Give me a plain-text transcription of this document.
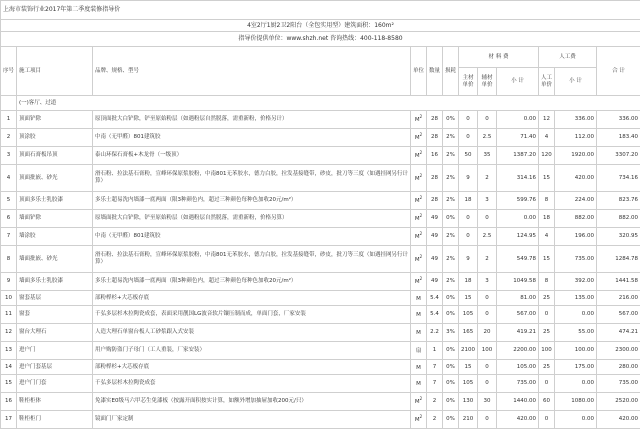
上海市装饰行业2017年第二季度装修指导价											
4室2厅1厨2卫2阳台（全包实用型）建筑面积：160m²											
指导价提供单位：www.shzh.net 咨询热线：400-118-8580											
序号	施工项目	品牌、规格、型号	单位	数量	损耗	材 料 费			人工费		合 计
						主材单价	辅材单价	小 计	人工单价	小 计	
	(一)客厅、过道										
1	顶面铲除	原顶面批大白铲除，铲至原始粉层（如遇粉层自然脱落，需重新粉，价格另计）	$M^2$	28	0%	0	0	0.00	12	336.00	336.00
2	顶涂胶	中南（无甲醛）801建筑胶	$M^2$	28	2%	0	2.5	71.40	4	112.00	183.40
3	顶面石膏板吊顶	泰山环保石膏板+木龙骨（一级顶）	$M^2$	16	2%	50	35	1387.20	120	1920.00	3307.20
4	顶面批嵌、砂光	滑石粉、拉法基石膏粉，宣峰环保原浆胶粉，中南801无苯胶水，德力白胶，拉发基接缝带，砂皮，批刀等三度（如遇挂网另行计算）	$M^2$	28	2%	9	2	314.16	15	420.00	734.16
5	顶面多乐士乳胶漆	多乐士超易洗内墙漆一底两面（限3种颜色内，超过三种颜色每种色加收20元/m²）	$M^2$	28	2%	18	3	599.76	8	224.00	823.76
6	墙面铲除	原墙面批大白铲除，铲至原始粉层（如遇粉层自然脱落，需重新粉，价格另算）	$M^2$	49	0%	0	0	0.00	18	882.00	882.00
7	墙涂胶	中南（无甲醛）801建筑胶	$M^2$	49	2%	0	2.5	124.95	4	196.00	320.95
8	墙面批嵌、砂光	滑石粉、拉法基石膏粉，宣峰环保原浆胶粉，中南801无苯胶水，德力白胶，拉发基接缝带，砂皮，批刀等三度（如遇挂网另行计算）	$M^2$	49	2%	9	2	549.78	15	735.00	1284.78
9	墙面多乐士乳胶漆	多乐士超易洗内墙漆一底两面（限3种颜色内，超过三种颜色每种色加收20元/m²）	$M^2$	49	2%	18	3	1049.58	8	392.00	1441.58
10	窗套基层	部粉榉杉+大芯板存底	M	5.4	0%	15	0	81.00	25	135.00	216.00
11	窗套	千弘多层杉木拉陶瓷成套，表面采用靓国LG波音软片镶压制而成，单面门套，厂家安装	M	5.4	0%	105	0	567.00	0	0.00	567.00
12	窗台大理石	人造大理石单窗台板人工砂浆跟入式安装	M	2.2	3%	165	20	419.21	25	55.00	474.21
13	进户门	用户购防盗门子母门（工人重装，厂家安装）	扇	1	0%	2100	100	2200.00	100	100.00	2300.00
14	进户门套基层	部粉榉杉+大芯板存底	M	7	0%	15	0	105.00	25	175.00	280.00
15	进户门门套	千弘多层杉木拉陶瓷成套	M	7	0%	105	0	735.00	0	0.00	735.00
16	鞋柜柜体	免漆实E0级马六甲芯生免漆板（按露开面积按实计算，如额外增加抽屉加收200元/只）	$M^2$	2	0%	130	30	1440.00	60	1080.00	2520.00
17	鞋柜柜门	镜面门厂家定制	$M^2$	2	0%	210	0	420.00	0	0.00	420.00
